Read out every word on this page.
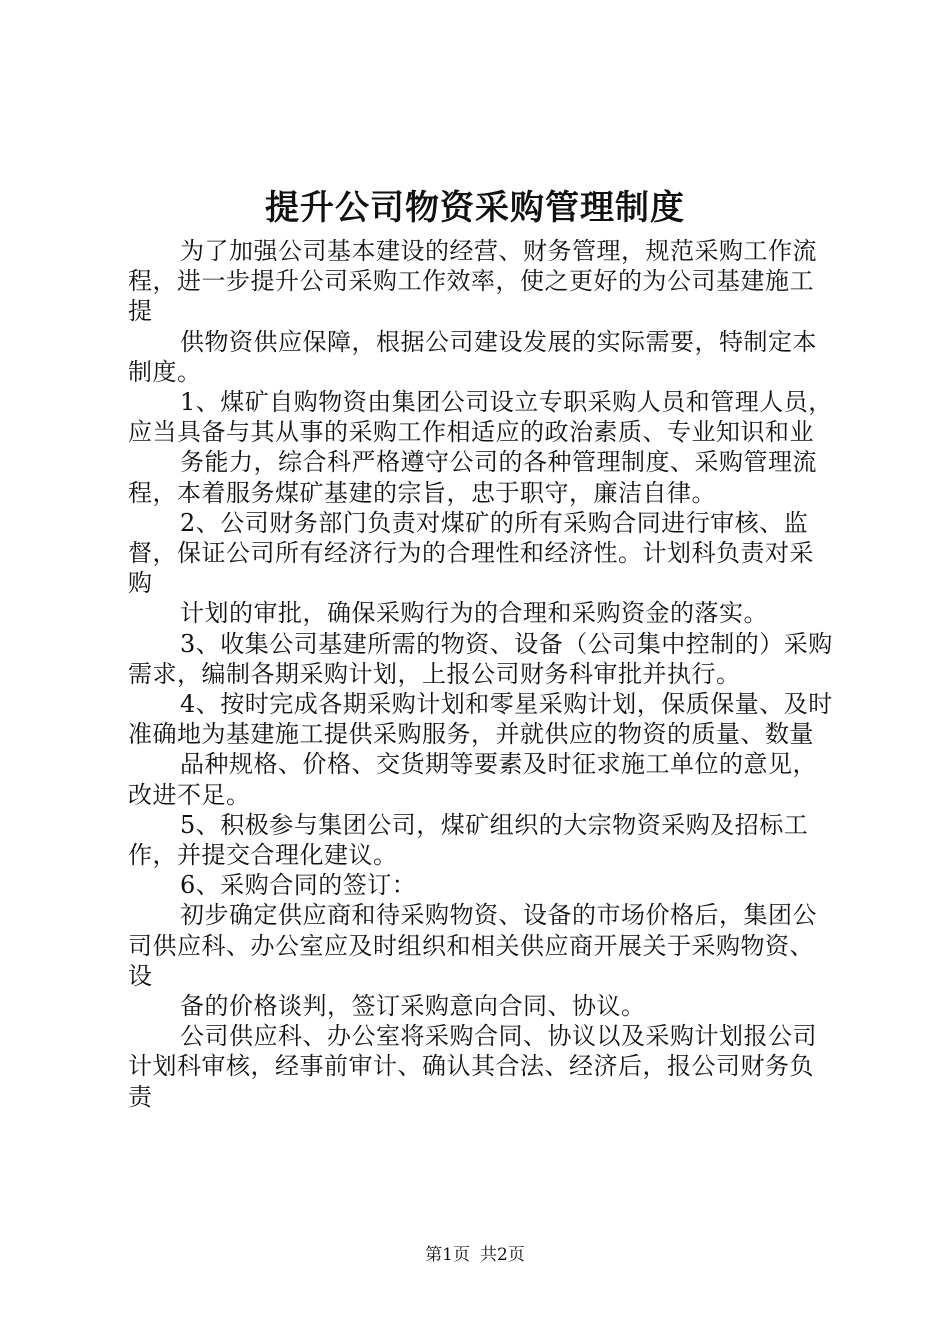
提升公司物资采购管理制度

为了加强公司基本建设的经营、财务管理，规范采购工作流程，进一步提升公司采购工作效率，使之更好的为公司基建施工提

供物资供应保障，根据公司建设发展的实际需要，特制定本制度。

1、煤矿自购物资由集团公司设立专职采购人员和管理人员，应当具备与其从事的采购工作相适应的政治素质、专业知识和业

务能力，综合科严格遵守公司的各种管理制度、采购管理流程，本着服务煤矿基建的宗旨，忠于职守，廉洁自律。

2、公司财务部门负责对煤矿的所有采购合同进行审核、监督，保证公司所有经济行为的合理性和经济性。计划科负责对采购

计划的审批，确保采购行为的合理和采购资金的落实。

3、收集公司基建所需的物资、设备（公司集中控制的）采购需求，编制各期采购计划，上报公司财务科审批并执行。

4、按时完成各期采购计划和零星采购计划，保质保量、及时准确地为基建施工提供采购服务，并就供应的物资的质量、数量

品种规格、价格、交货期等要素及时征求施工单位的意见，改进不足。

5、积极参与集团公司，煤矿组织的大宗物资采购及招标工作，并提交合理化建议。

6、采购合同的签订：

初步确定供应商和待采购物资、设备的市场价格后，集团公司供应科、办公室应及时组织和相关供应商开展关于采购物资、设

备的价格谈判，签订采购意向合同、协议。

公司供应科、办公室将采购合同、协议以及采购计划报公司计划科审核，经事前审计、确认其合法、经济后，报公司财务负责

第1页 共2页
